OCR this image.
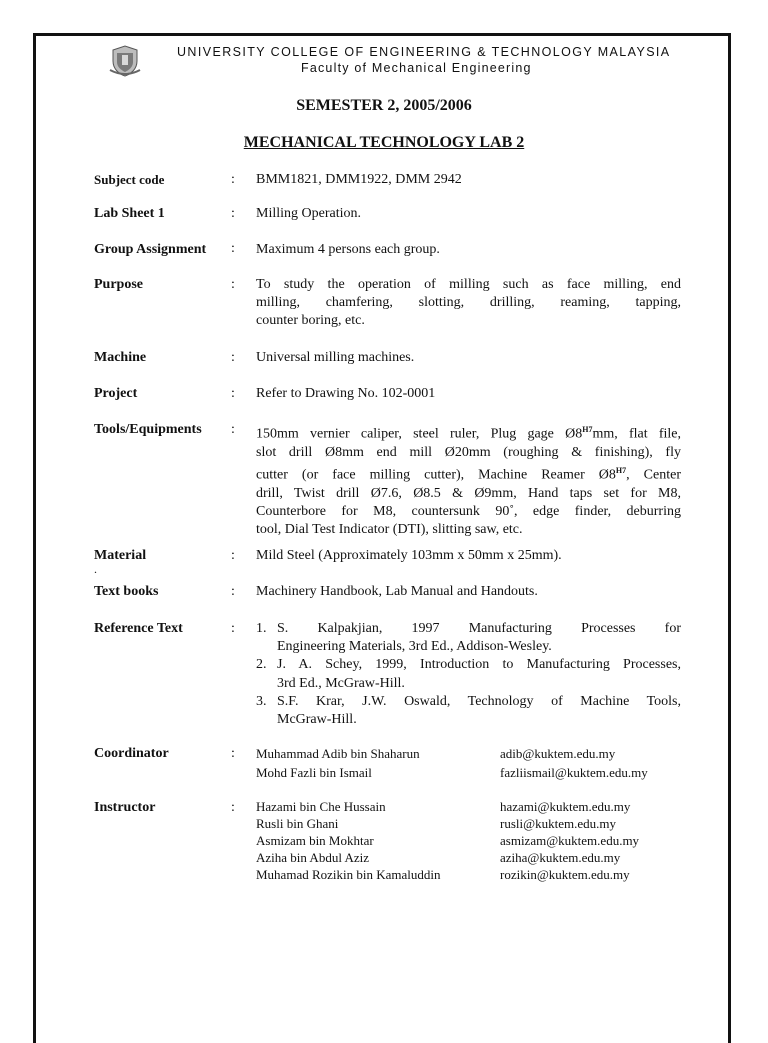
UNIVERSITY COLLEGE OF ENGINEERING & TECHNOLOGY MALAYSIA
Faculty of Mechanical Engineering
SEMESTER 2, 2005/2006
MECHANICAL TECHNOLOGY LAB 2
Subject code	: BMM1821, DMM1922, DMM 2942
Lab Sheet 1	: Milling Operation.
Group Assignment : Maximum 4 persons each group.
Purpose	: To study the operation of milling such as face milling, end
milling, chamfering, slotting, drilling, reaming, tapping,
counter boring, etc.
Machine	: Universal milling machines.
Project	: Refer to Drawing No. 102-0001
Tools/Equipments : 150mm vernier caliper, steel ruler, Plug gage $Ø8^{H7}mm$, flat file,
slot drill Ø8mm end mill Ø20mm (roughing & finishing), fly
cutter (or face milling cutter), Machine Reamer $Ø8^{H7}$, Center
drill, Twist drill Ø7.6, Ø8.5 & Ø9mm, Hand taps set for M8,
Counterbore for M8, countersunk 90˚, edge finder, deburring
tool, Dial Test Indicator (DTI), slitting saw, etc.
Material	: Mild Steel (Approximately 103mm x 50mm x 25mm).
.
Text books	: Machinery Handbook, Lab Manual and Handouts.
Reference Text	: 1. S. Kalpakjian, 1997 Manufacturing Processes for
Engineering Materials, 3rd Ed., Addison-Wesley.
2. J. A. Schey, 1999, Introduction to Manufacturing Processes,
3rd Ed., McGraw-Hill.
3. S.F. Krar, J.W. Oswald, Technology of Machine Tools,
McGraw-Hill.
Coordinator	: Muhammad Adib bin Shaharun	adib@kuktem.edu.my
Mohd Fazli bin Ismail	fazliismail@kuktem.edu.my
Instructor	: Hazami bin Che Hussain	hazami@kuktem.edu.my
Rusli bin Ghani	rusli@kuktem.edu.my
Asmizam bin Mokhtar	asmizam@kuktem.edu.my
Aziha bin Abdul Aziz	aziha@kuktem.edu.my
Muhamad Rozikin bin Kamaluddin	rozikin@kuktem.edu.my
